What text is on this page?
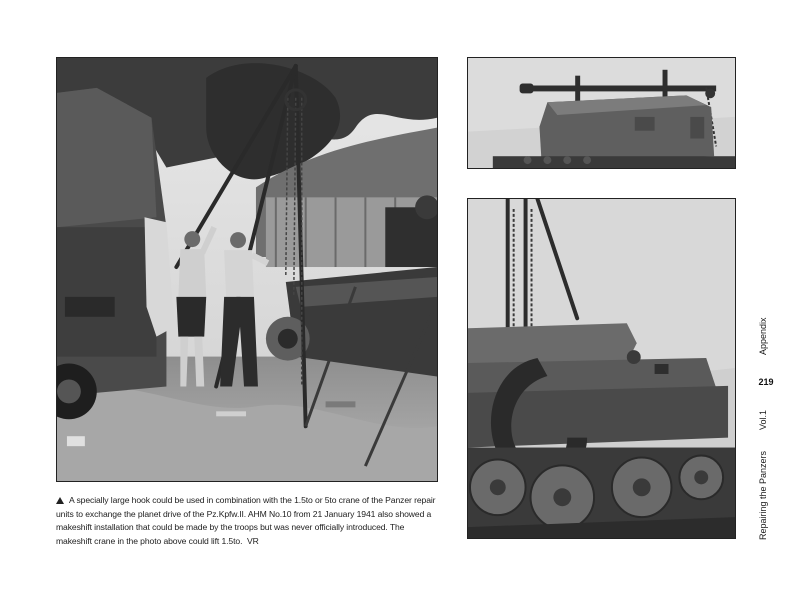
A specially large hook could be used in combination with the 1.5to or 5to crane of the Panzer repair units to exchange the planet drive of the Pz.Kpfw.II. AHM No.10 from 21 January 1941 also showed a makeshift installation that could be made by the troops but was never officially introduced. The makeshift crane in the photo above could lift 1.5to. VR
Appendix
219
Vol.1
Repairing the Panzers
